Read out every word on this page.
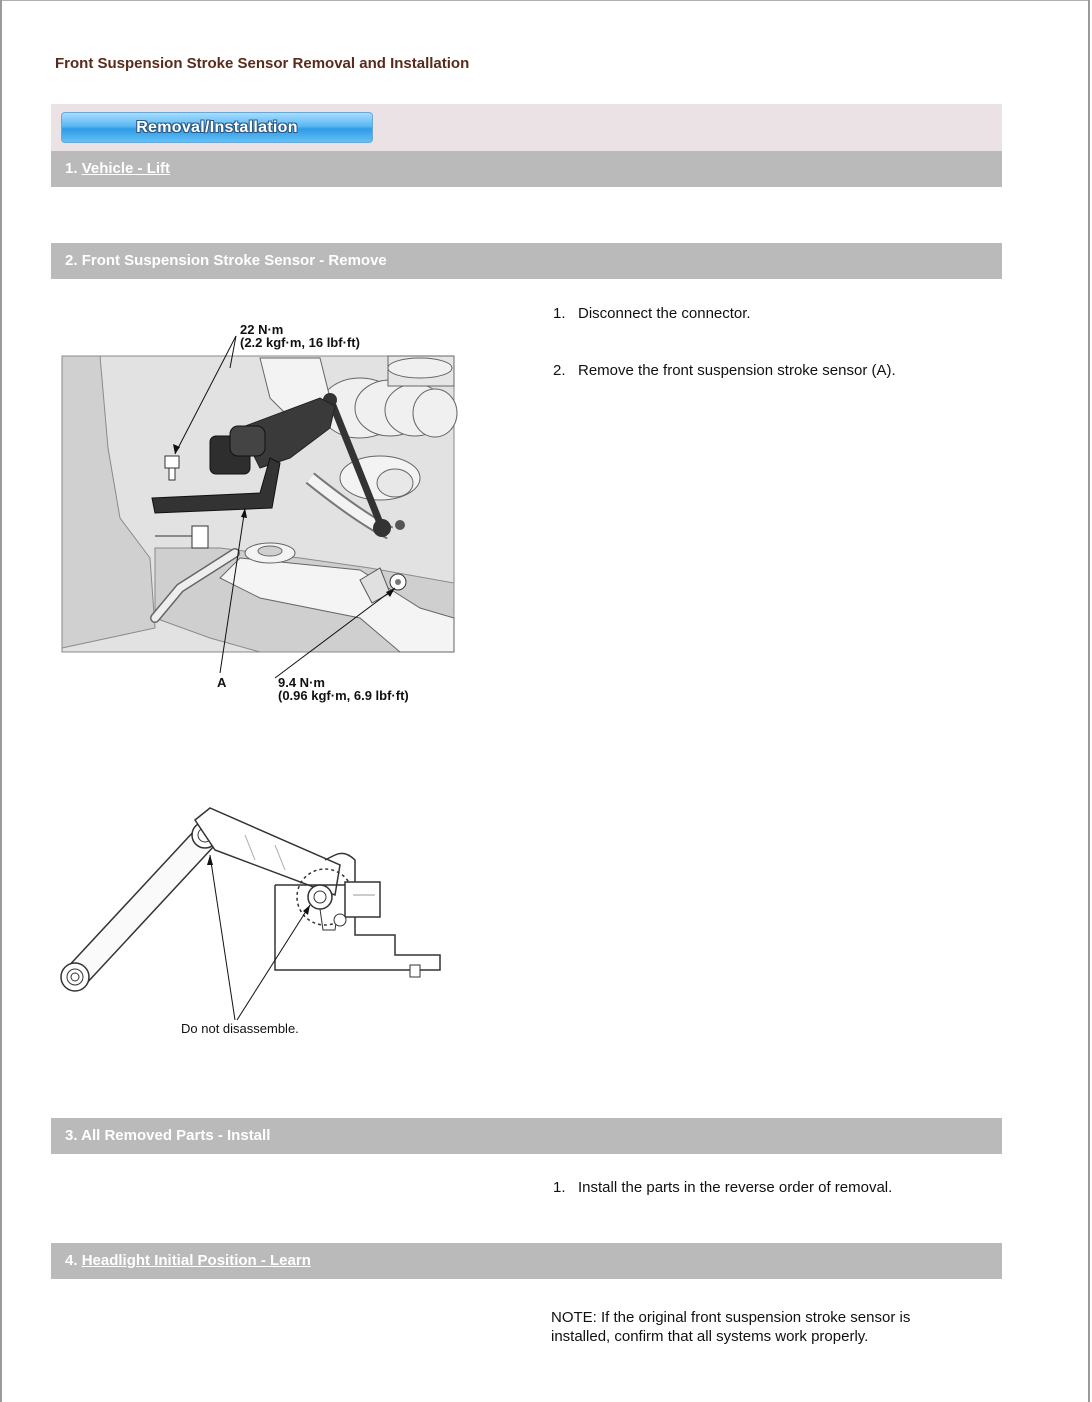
Front Suspension Stroke Sensor Removal and Installation
Removal/Installation
1. Vehicle - Lift
2. Front Suspension Stroke Sensor - Remove
1. Disconnect the connector.
2. Remove the front suspension stroke sensor (A).
22 N·m
(2.2 kgf·m, 16 lbf·ft)
A	9.4 N·m
(0.96 kgf·m, 6.9 lbf·ft)
Do not disassemble.
3. All Removed Parts - Install
1. Install the parts in the reverse order of removal.
4. Headlight Initial Position - Learn
NOTE: If the original front suspension stroke sensor is installed, confirm that all systems work properly.
